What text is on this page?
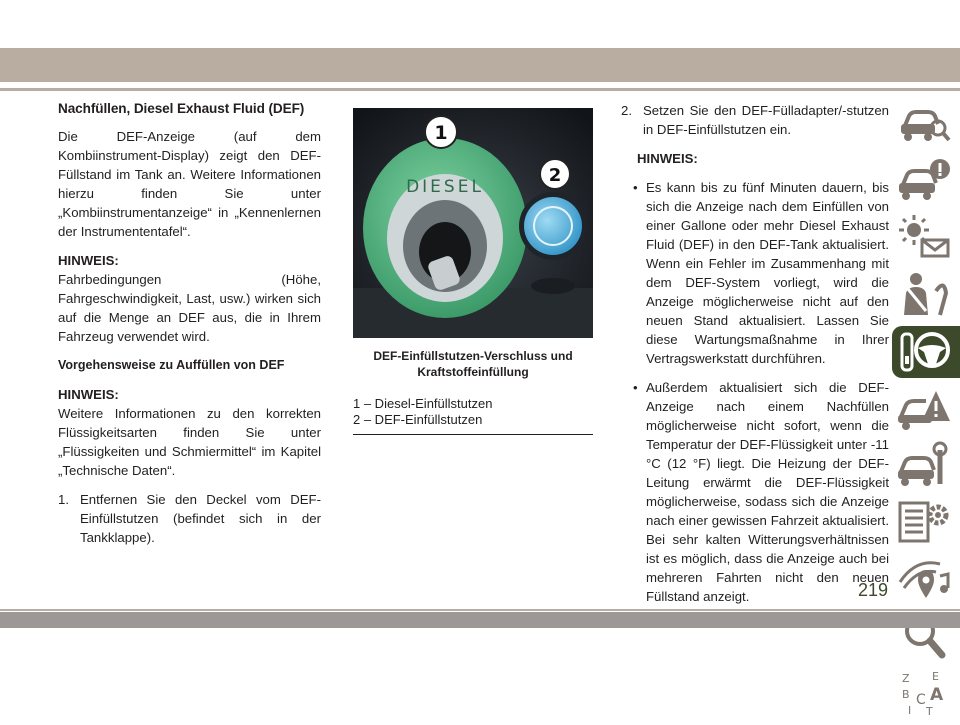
Nachfüllen, Diesel Exhaust Fluid (DEF)
Die DEF-Anzeige (auf dem Kombiinstrument-Display) zeigt den DEF-Füllstand im Tank an. Weitere Informationen hierzu finden Sie unter „Kombiinstrumentanzeige“ in „Kennenlernen der Instrumententafel“.
HINWEIS:
Fahrbedingungen (Höhe, Fahrgeschwindigkeit, Last, usw.) wirken sich auf die Menge an DEF aus, die in Ihrem Fahrzeug verwendet wird.
Vorgehensweise zu Auffüllen von DEF
HINWEIS:
Weitere Informationen zu den korrekten Flüssigkeitsarten finden Sie unter „Flüssigkeiten und Schmiermittel“ im Kapitel „Technische Daten“.
1. Entfernen Sie den Deckel vom DEF-Einfüllstutzen (befindet sich in der Tankklappe).
DIESEL
1
2
DEF-Einfüllstutzen-Verschluss und Kraftstoffeinfüllung
1 – Diesel-Einfüllstutzen
2 – DEF-Einfüllstutzen
2. Setzen Sie den DEF-Fülladapter/-stutzen in DEF-Einfüllstutzen ein.
HINWEIS:
• Es kann bis zu fünf Minuten dauern, bis sich die Anzeige nach dem Einfüllen von einer Gallone oder mehr Diesel Exhaust Fluid (DEF) in den DEF-Tank aktualisiert. Wenn ein Fehler im Zusammenhang mit dem DEF-System vorliegt, wird die Anzeige möglicherweise nicht auf den neuen Stand aktualisiert. Lassen Sie diese Wartungsmaßnahme in Ihrer Vertragswerkstatt durchführen.
• Außerdem aktualisiert sich die DEF-Anzeige nach einem Nachfüllen möglicherweise nicht sofort, wenn die Temperatur der DEF-Flüssigkeit unter -11 °C (12 °F) liegt. Die Heizung der DEF-Leitung erwärmt die DEF-Flüssigkeit möglicherweise, sodass sich die Anzeige nach einer gewissen Fahrzeit aktualisiert. Bei sehr kalten Witterungsverhältnissen ist es möglich, dass die Anzeige auch bei mehreren Fahrten nicht den neuen Füllstand anzeigt.
Z E
B A
I
C
T
219
